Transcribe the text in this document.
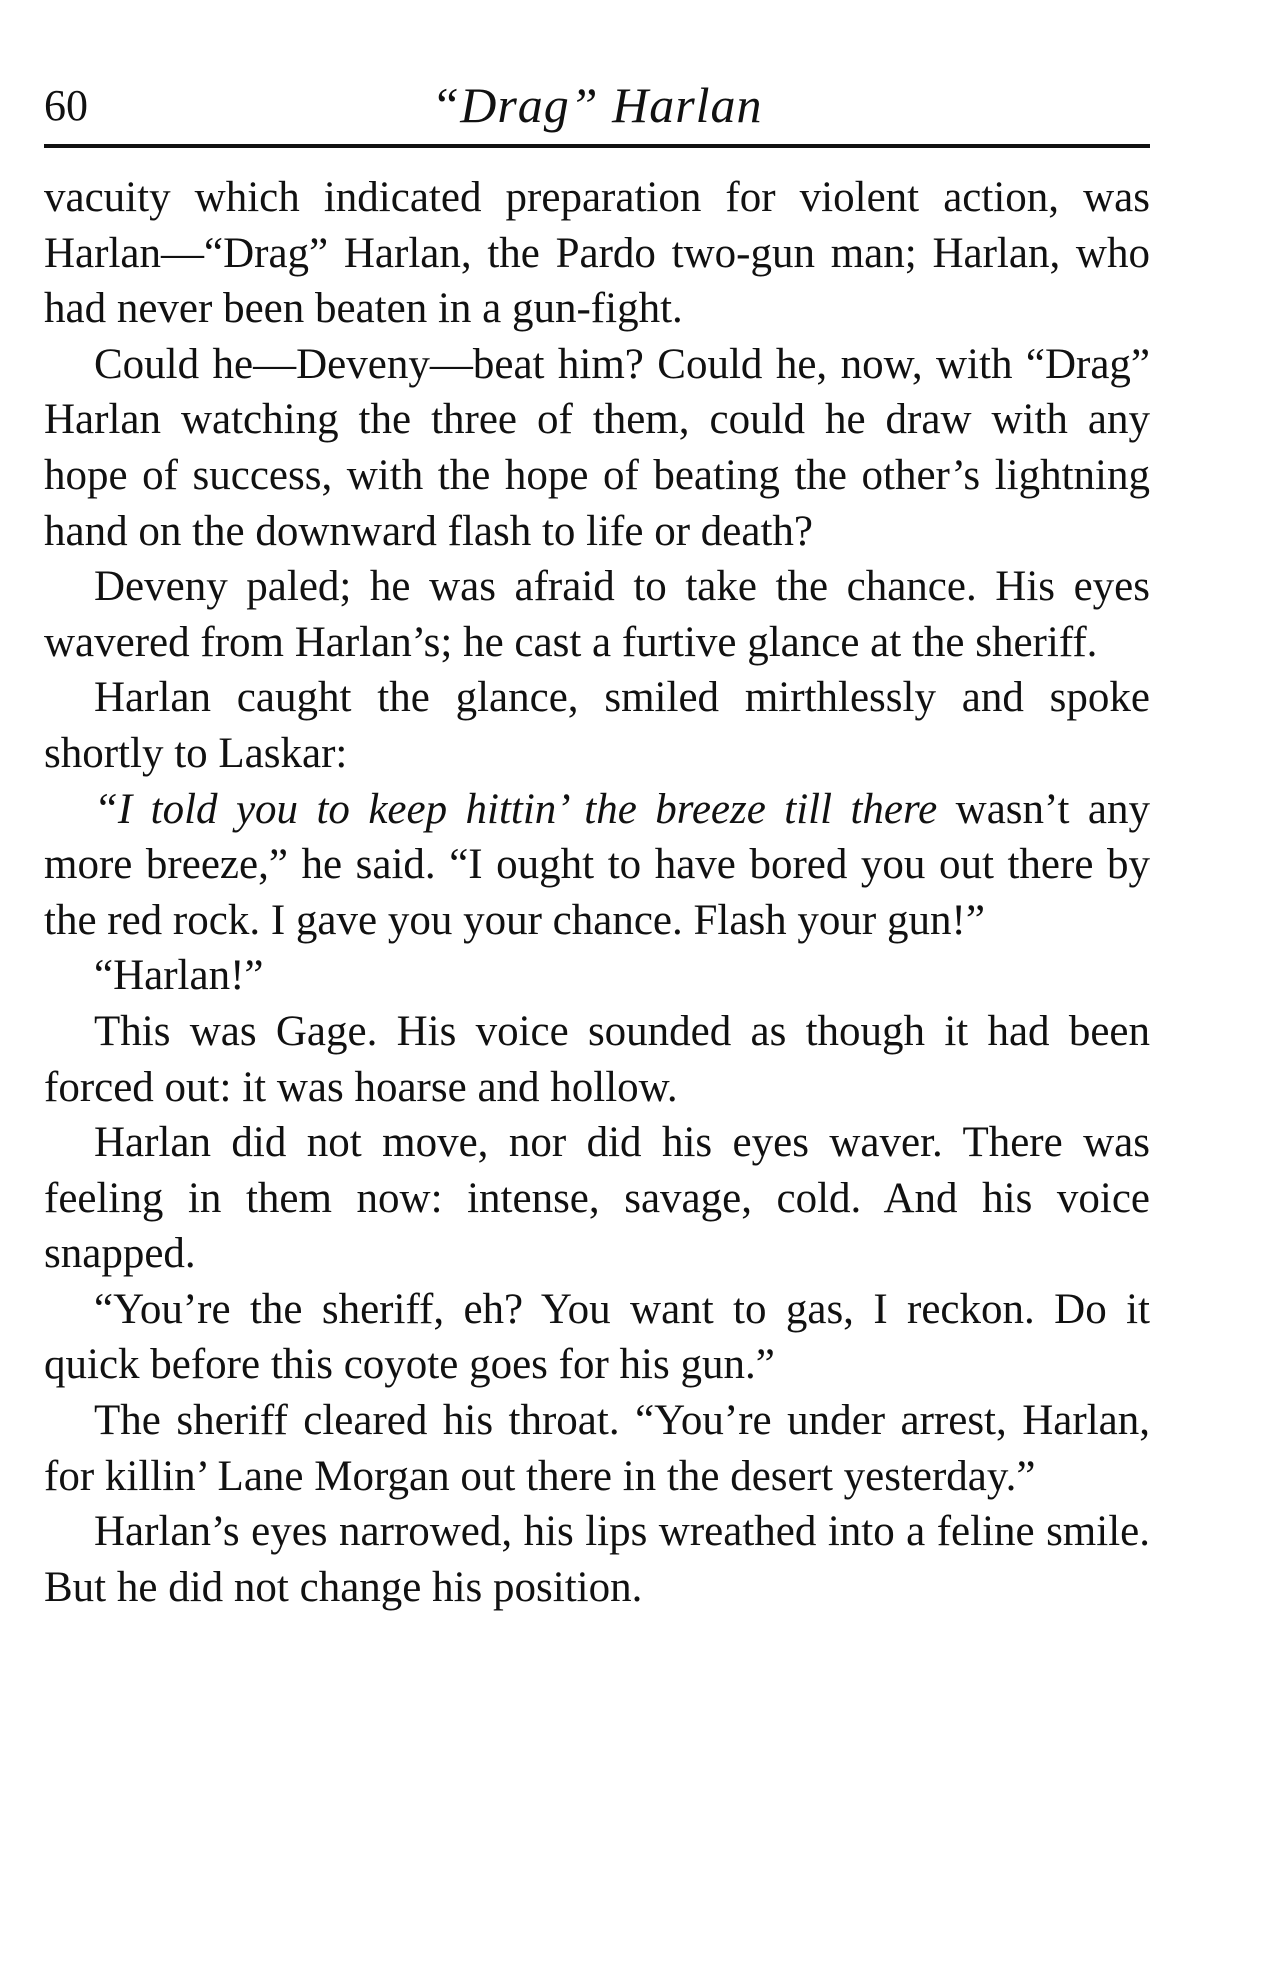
60	“Drag” Harlan

vacuity which indicated preparation for violent action, was Harlan—“Drag” Harlan, the Pardo two-gun man; Harlan, who had never been beaten in a gun-fight.

Could he—Deveny—beat him? Could he, now, with “Drag” Harlan watching the three of them, could he draw with any hope of success, with the hope of beating the other’s lightning hand on the downward flash to life or death?

Deveny paled; he was afraid to take the chance. His eyes wavered from Harlan’s; he cast a furtive glance at the sheriff.

Harlan caught the glance, smiled mirthlessly and spoke shortly to Laskar:

“I told you to keep hittin’ the breeze till there wasn’t any more breeze,” he said. “I ought to have bored you out there by the red rock. I gave you your chance. Flash your gun!”

“Harlan!”

This was Gage. His voice sounded as though it had been forced out: it was hoarse and hollow.

Harlan did not move, nor did his eyes waver. There was feeling in them now: intense, savage, cold. And his voice snapped.

“You’re the sheriff, eh? You want to gas, I reckon. Do it quick before this coyote goes for his gun.”

The sheriff cleared his throat. “You’re under arrest, Harlan, for killin’ Lane Morgan out there in the desert yesterday.”

Harlan’s eyes narrowed, his lips wreathed into a feline smile. But he did not change his position.
